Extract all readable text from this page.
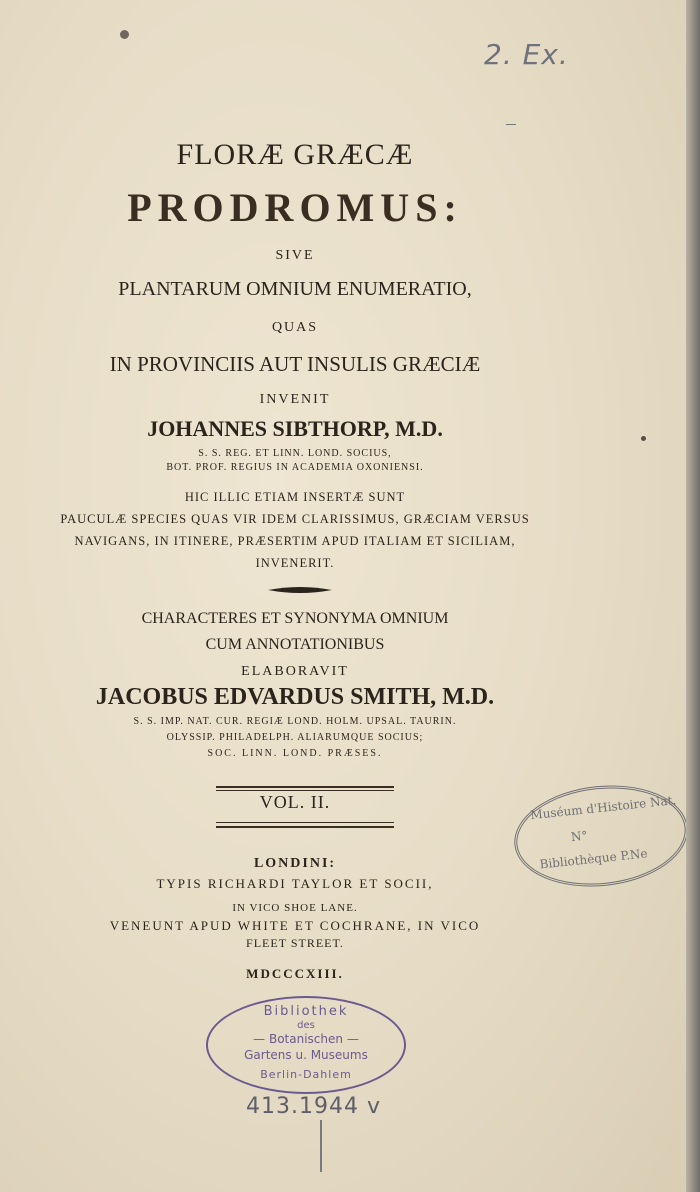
2. Ex.
FLORÆ GRÆCÆ
PRODROMUS:
SIVE
PLANTARUM OMNIUM ENUMERATIO,
QUAS
IN PROVINCIIS AUT INSULIS GRÆCIÆ
INVENIT
JOHANNES SIBTHORP, M.D.
S. S. REG. ET LINN. LOND. SOCIUS,
BOT. PROF. REGIUS IN ACADEMIA OXONIENSI.
HIC ILLIC ETIAM INSERTÆ SUNT
PAUCULÆ SPECIES QUAS VIR IDEM CLARISSIMUS, GRÆCIAM VERSUS
NAVIGANS, IN ITINERE, PRÆSERTIM APUD ITALIAM ET SICILIAM,
INVENERIT.
CHARACTERES ET SYNONYMA OMNIUM
CUM ANNOTATIONIBUS
ELABORAVIT
JACOBUS EDVARDUS SMITH, M.D.
S. S. IMP. NAT. CUR. REGIÆ LOND. HOLM. UPSAL. TAURIN.
OLYSSIP. PHILADELPH. ALIARUMQUE SOCIUS;
SOC. LINN. LOND. PRÆSES.
VOL. II.
LONDINI:
TYPIS RICHARDI TAYLOR ET SOCII,
IN VICO SHOE LANE.
VENEUNT APUD WHITE ET COCHRANE, IN VICO
FLEET STREET.
MDCCCXIII.
Muséum d'Histoire Nat.
N°
Bibliothèque P.Ne
Bibliothek
des
— Botanischen —
Gartens u. Museums
Berlin-Dahlem
413.1944 v
